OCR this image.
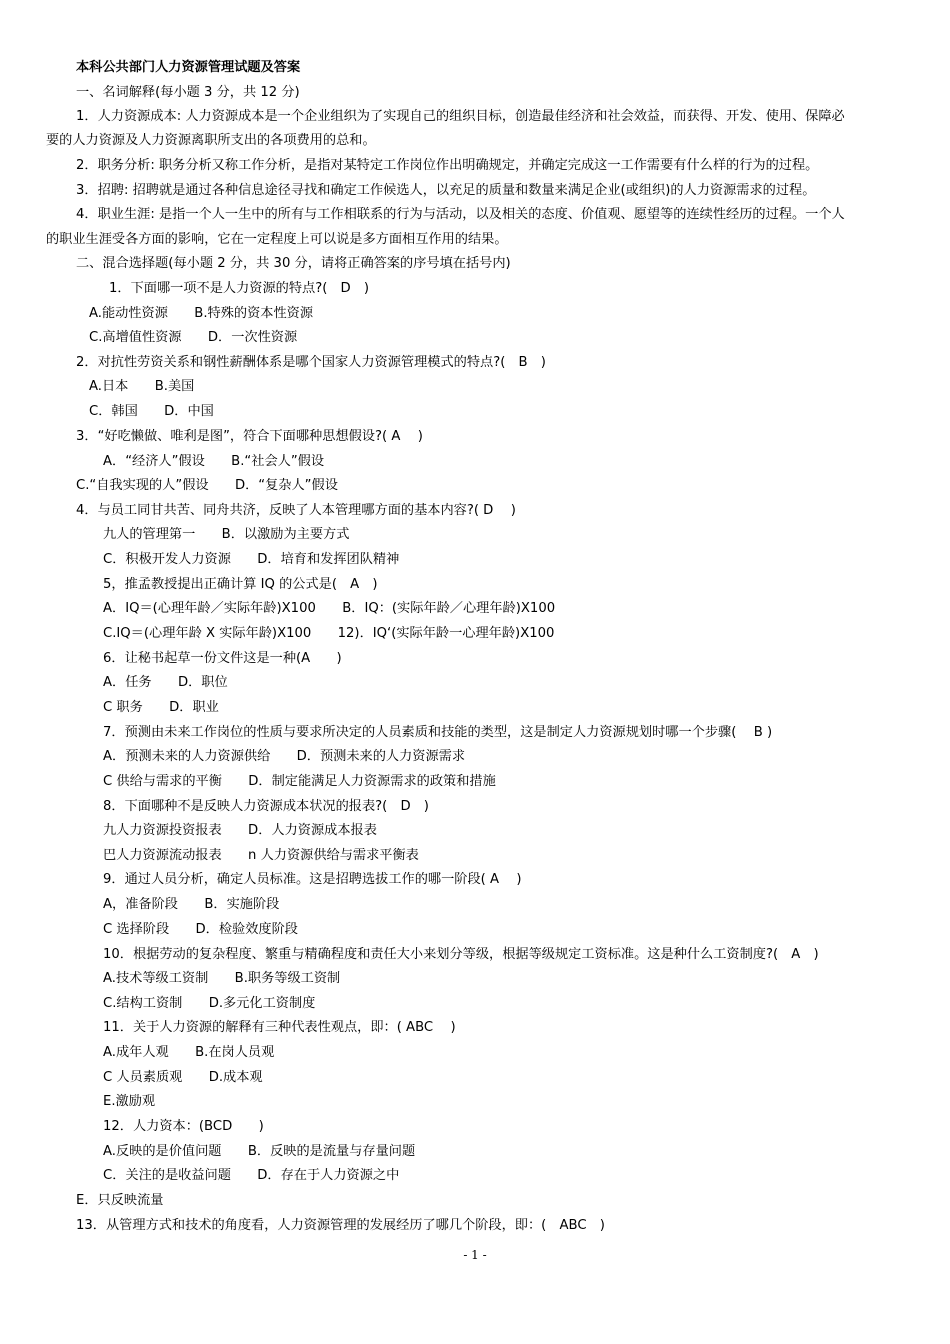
本科公共部门人力资源管理试题及答案
一、名词解释(每小题 3 分，共 12 分)
1．人力资源成本: 人力资源成本是一个企业组织为了实现自己的组织目标，创造最佳经济和社会效益，而获得、开发、使用、保障必
要的人力资源及人力资源离职所支出的各项费用的总和。
2．职务分析: 职务分析又称工作分析，是指对某特定工作岗位作出明确规定，并确定完成这一工作需要有什么样的行为的过程。
3．招聘: 招聘就是通过各种信息途径寻找和确定工作候选人，以充足的质量和数量来满足企业(或组织)的人力资源需求的过程。
4．职业生涯: 是指一个人一生中的所有与工作相联系的行为与活动，以及相关的态度、价值观、愿望等的连续性经历的过程。一个人
的职业生涯受各方面的影响，它在一定程度上可以说是多方面相互作用的结果。
二、混合选择题(每小题 2 分，共 30 分，请将正确答案的序号填在括号内)
1．下面哪一项不是人力资源的特点?(　D　)
A.能动性资源　　B.特殊的资本性资源
C.高增值性资源　　D．一次性资源
2．对抗性劳资关系和钢性薪酬体系是哪个国家人力资源管理模式的特点?(　B　)
A.日本　　B.美国
C．韩国　　D．中国
3．“好吃懒做、唯利是图”，符合下面哪种思想假设?( A　 )
A．“经济人”假设　　B.“社会人”假设
C.“自我实现的人”假设　　D．“复杂人”假设
4．与员工同甘共苦、同舟共济，反映了人本管理哪方面的基本内容?( D　 )
九人的管理第一　　B．以激励为主要方式
C．积极开发人力资源　　D．培育和发挥团队精神
5，推孟教授提出正确计算 IQ 的公式是(　A　)
A．IQ＝(心理年龄／实际年龄)X100　　B．IQ：(实际年龄／心理年龄)X100
C.IQ＝(心理年龄 X 实际年龄)X100　　12)．IQ‘(实际年龄一心理年龄)X100
6．让秘书起草一份文件这是一种(A　　)
A．任务　　D．职位
C 职务　　D．职业
7．预测由未来工作岗位的性质与要求所决定的人员素质和技能的类型，这是制定人力资源规划时哪一个步骤(　 B )
A．预测未来的人力资源供给　　D．预测未来的人力资源需求
C 供给与需求的平衡　　D．制定能满足人力资源需求的政策和措施
8．下面哪种不是反映人力资源成本状况的报表?(　D　)
九人力资源投资报表　　D．人力资源成本报表
巴人力资源流动报表　　n 人力资源供给与需求平衡表
9．通过人员分析，确定人员标准。这是招聘选拔工作的哪一阶段( A　 )
A，准备阶段　　B．实施阶段
C 选择阶段　　D．检验效度阶段
10．根据劳动的复杂程度、繁重与精确程度和责任大小来划分等级，根据等级规定工资标准。这是种什么工资制度?(　A　)
A.技术等级工资制　　B.职务等级工资制
C.结构工资制　　D.多元化工资制度
11．关于人力资源的解释有三种代表性观点，即：( ABC　 )
A.成年人观　　B.在岗人员观
C 人员素质观　　D.成本观
E.激励观
12．人力资本：(BCD　　)
A.反映的是价值问题　　B．反映的是流量与存量问题
C．关注的是收益问题　　D．存在于人力资源之中
E．只反映流量
13．从管理方式和技术的角度看，人力资源管理的发展经历了哪几个阶段，即：(　ABC　)
- 1 -
